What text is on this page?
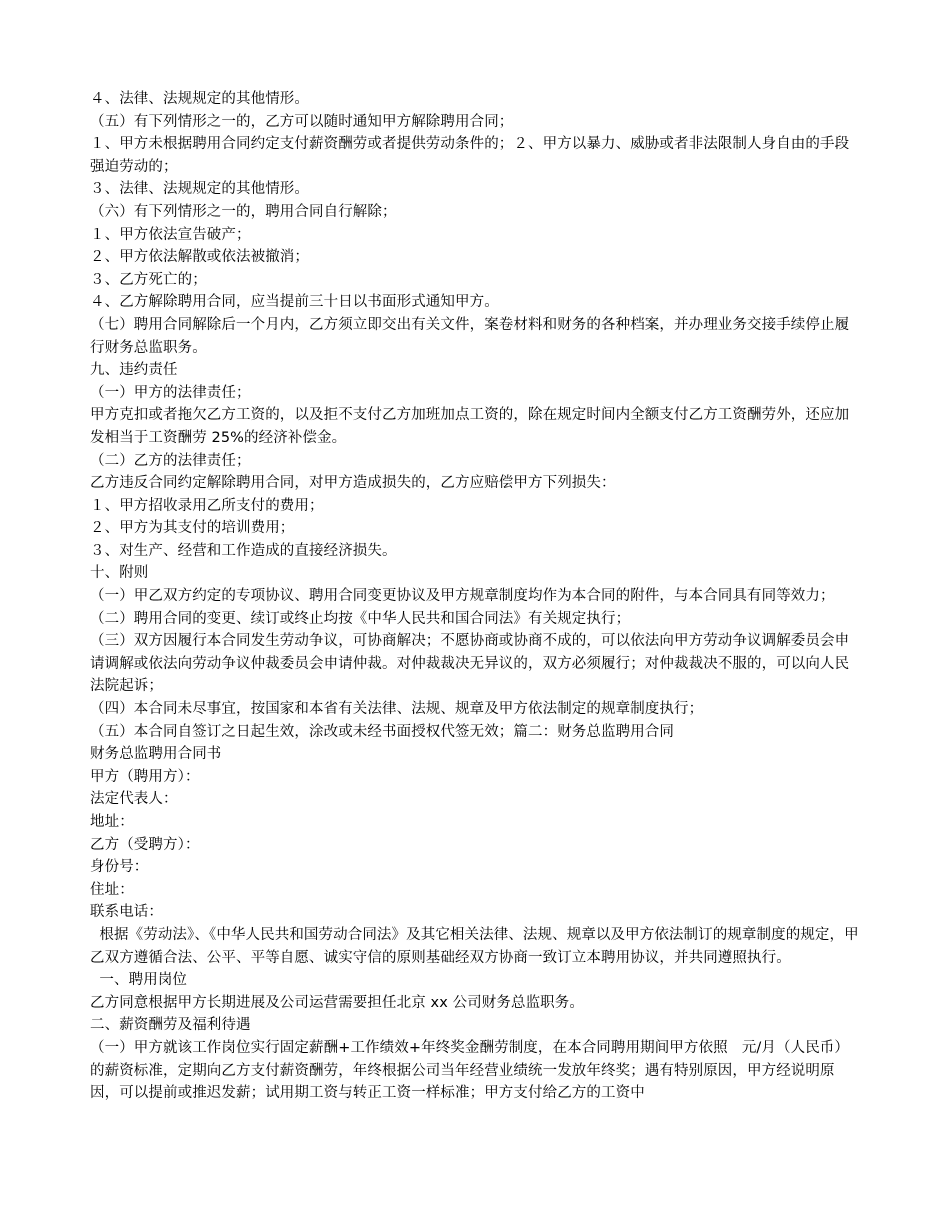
４、法律、法规规定的其他情形。

（五）有下列情形之一的，乙方可以随时通知甲方解除聘用合同；

１、甲方未根据聘用合同约定支付薪资酬劳或者提供劳动条件的；２、甲方以暴力、威胁或者非法限制人身自由的手段强迫劳动的；

３、法律、法规规定的其他情形。

（六）有下列情形之一的，聘用合同自行解除；

１、甲方依法宣告破产；

２、甲方依法解散或依法被撤消；

３、乙方死亡的；

４、乙方解除聘用合同，应当提前三十日以书面形式通知甲方。

（七）聘用合同解除后一个月内，乙方须立即交出有关文件，案卷材料和财务的各种档案，并办理业务交接手续停止履行财务总监职务。

九、违约责任

（一）甲方的法律责任；

甲方克扣或者拖欠乙方工资的，以及拒不支付乙方加班加点工资的，除在规定时间内全额支付乙方工资酬劳外，还应加发相当于工资酬劳 25%的经济补偿金。

（二）乙方的法律责任；

乙方违反合同约定解除聘用合同，对甲方造成损失的，乙方应赔偿甲方下列损失：

１、甲方招收录用乙所支付的费用；

２、甲方为其支付的培训费用；

３、对生产、经营和工作造成的直接经济损失。

十、附则

（一）甲乙双方约定的专项协议、聘用合同变更协议及甲方规章制度均作为本合同的附件，与本合同具有同等效力；

（二）聘用合同的变更、续订或终止均按《中华人民共和国合同法》有关规定执行；

（三）双方因履行本合同发生劳动争议，可协商解决；不愿协商或协商不成的，可以依法向甲方劳动争议调解委员会申请调解或依法向劳动争议仲裁委员会申请仲裁。对仲裁裁决无异议的，双方必须履行；对仲裁裁决不服的，可以向人民法院起诉；

（四）本合同未尽事宜，按国家和本省有关法律、法规、规章及甲方依法制定的规章制度执行；

（五）本合同自签订之日起生效，涂改或未经书面授权代签无效；篇二：财务总监聘用合同

财务总监聘用合同书

甲方（聘用方）：

法定代表人：

地址：

乙方（受聘方）：

身份号：

住址：

联系电话：

根据《劳动法》、《中华人民共和国劳动合同法》及其它相关法律、法规、规章以及甲方依法制订的规章制度的规定，甲乙双方遵循合法、公平、平等自愿、诚实守信的原则基础经双方协商一致订立本聘用协议，并共同遵照执行。

一、聘用岗位

乙方同意根据甲方长期进展及公司运营需要担任北京 xx 公司财务总监职务。

二、薪资酬劳及福利待遇

（一）甲方就该工作岗位实行固定薪酬+工作绩效+年终奖金酬劳制度，在本合同聘用期间甲方依照   元/月（人民币）的薪资标准，定期向乙方支付薪资酬劳，年终根据公司当年经营业绩统一发放年终奖；遇有特别原因，甲方经说明原因，可以提前或推迟发薪；试用期工资与转正工资一样标准；甲方支付给乙方的工资中
